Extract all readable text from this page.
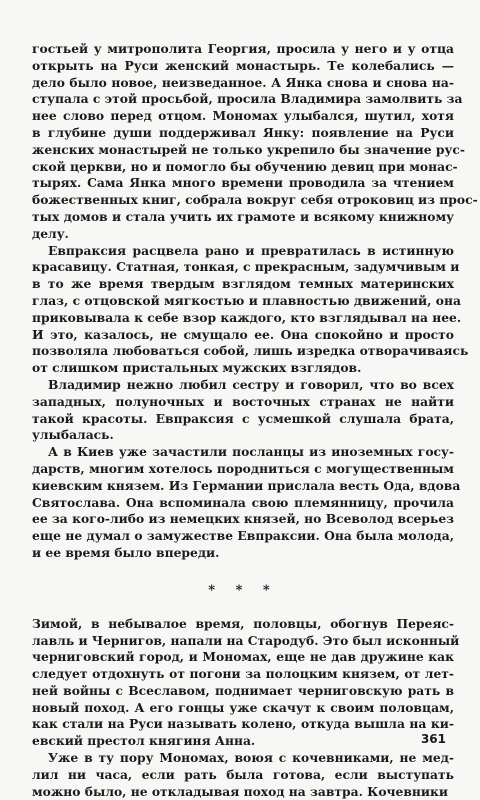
гостьей у митрополита Георгия, просила у него и у отца
открыть на Руси женский монастырь. Те колебались —
дело было новое, неизведанное. А Янка снова и снова на-
ступала с этой просьбой, просила Владимира замолвить за
нее слово перед отцом. Мономах улыбался, шутил, хотя
в глубине души поддерживал Янку: появление на Руси
женских монастырей не только укрепило бы значение рус-
ской церкви, но и помогло бы обучению девиц при монас-
тырях. Сама Янка много времени проводила за чтением
божественных книг, собрала вокруг себя отроковиц из прос-
тых домов и стала учить их грамоте и всякому книжному
делу.
Евпраксия расцвела рано и превратилась в истинную
красавицу. Статная, тонкая, с прекрасным, задумчивым и
в то же время твердым взглядом темных материнских
глаз, с отцовской мягкостью и плавностью движений, она
приковывала к себе взор каждого, кто взглядывал на нее.
И это, казалось, не смущало ее. Она спокойно и просто
позволяла любоваться собой, лишь изредка отворачиваясь
от слишком пристальных мужских взглядов.
Владимир нежно любил сестру и говорил, что во всех
западных, полуночных и восточных странах не найти
такой красоты. Евпраксия с усмешкой слушала брата,
улыбалась.
А в Киев уже зачастили посланцы из иноземных госу-
дарств, многим хотелось породниться с могущественным
киевским князем. Из Германии прислала весть Ода, вдова
Святослава. Она вспоминала свою племянницу, прочила
ее за кого-либо из немецких князей, но Всеволод всерьез
еще не думал о замужестве Евпраксии. Она была молода,
и ее время было впереди.
* * *
Зимой, в небывалое время, половцы, обогнув Переяс-
лавль и Чернигов, напали на Стародуб. Это был исконный
черниговский город, и Мономах, еще не дав дружине как
следует отдохнуть от погони за полоцким князем, от лет-
ней войны с Всеславом, поднимает черниговскую рать в
новый поход. А его гонцы уже скачут к своим половцам,
как стали на Руси называть колено, откуда вышла на ки-
евский престол княгиня Анна.
Уже в ту пору Мономах, воюя с кочевниками, не мед-
лил ни часа, если рать была готова, если выступать
можно было, не откладывая поход на завтра. Кочевники
361
